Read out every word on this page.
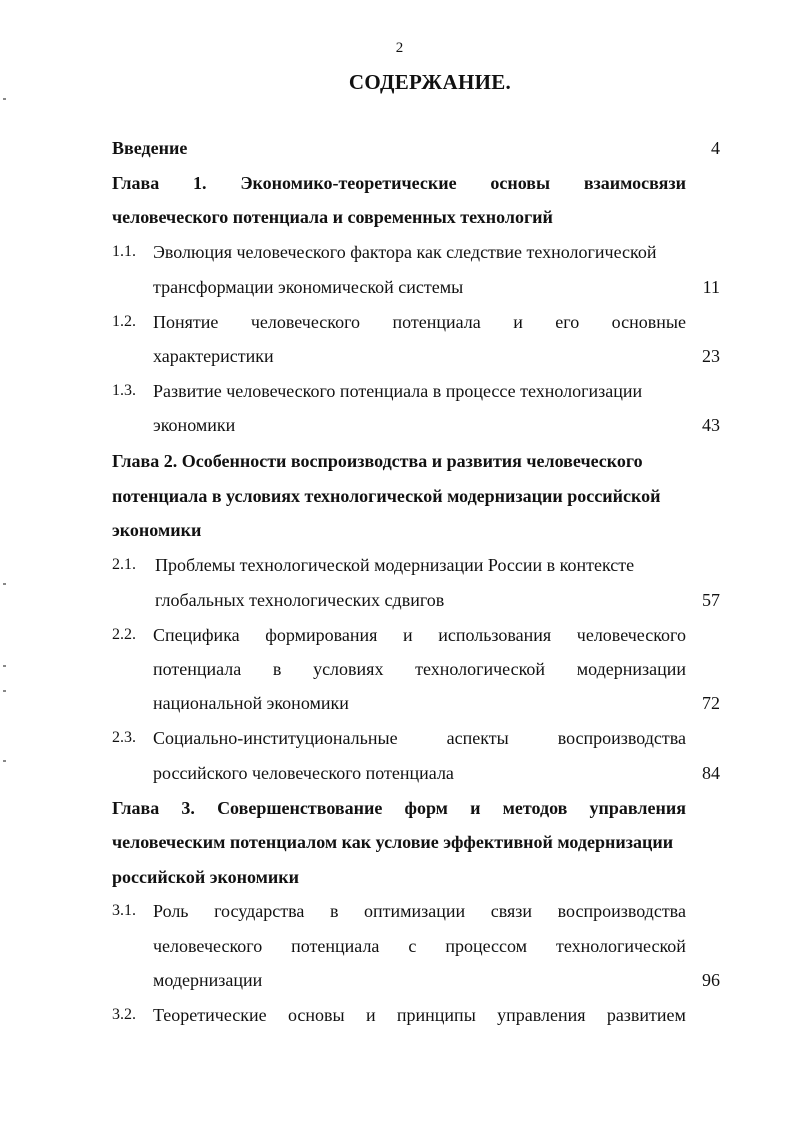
2
СОДЕРЖАНИЕ.
Введение	4
Глава 1. Экономико-теоретические основы взаимосвязи
человеческого потенциала и современных технологий
1.1. Эволюция человеческого фактора как следствие технологической
трансформации экономической системы	11
1.2. Понятие человеческого потенциала и его основные
характеристики	23
1.3. Развитие человеческого потенциала в процессе технологизации
экономики	43
Глава 2. Особенности воспроизводства и развития человеческого
потенциала в условиях технологической модернизации российской
экономики
2.1. Проблемы технологической модернизации России в контексте
глобальных технологических сдвигов	57
2.2. Специфика формирования и использования человеческого
потенциала в условиях технологической модернизации
национальной экономики	72
2.3. Социально-институциональные	аспекты	воспроизводства
российского человеческого потенциала	84
Глава 3. Совершенствование форм и методов управления
человеческим потенциалом как условие эффективной модернизации
российской экономики
3.1. Роль государства в оптимизации связи воспроизводства
человеческого потенциала с процессом технологической
модернизации	96
3.2. Теоретические основы и принципы управления развитием
